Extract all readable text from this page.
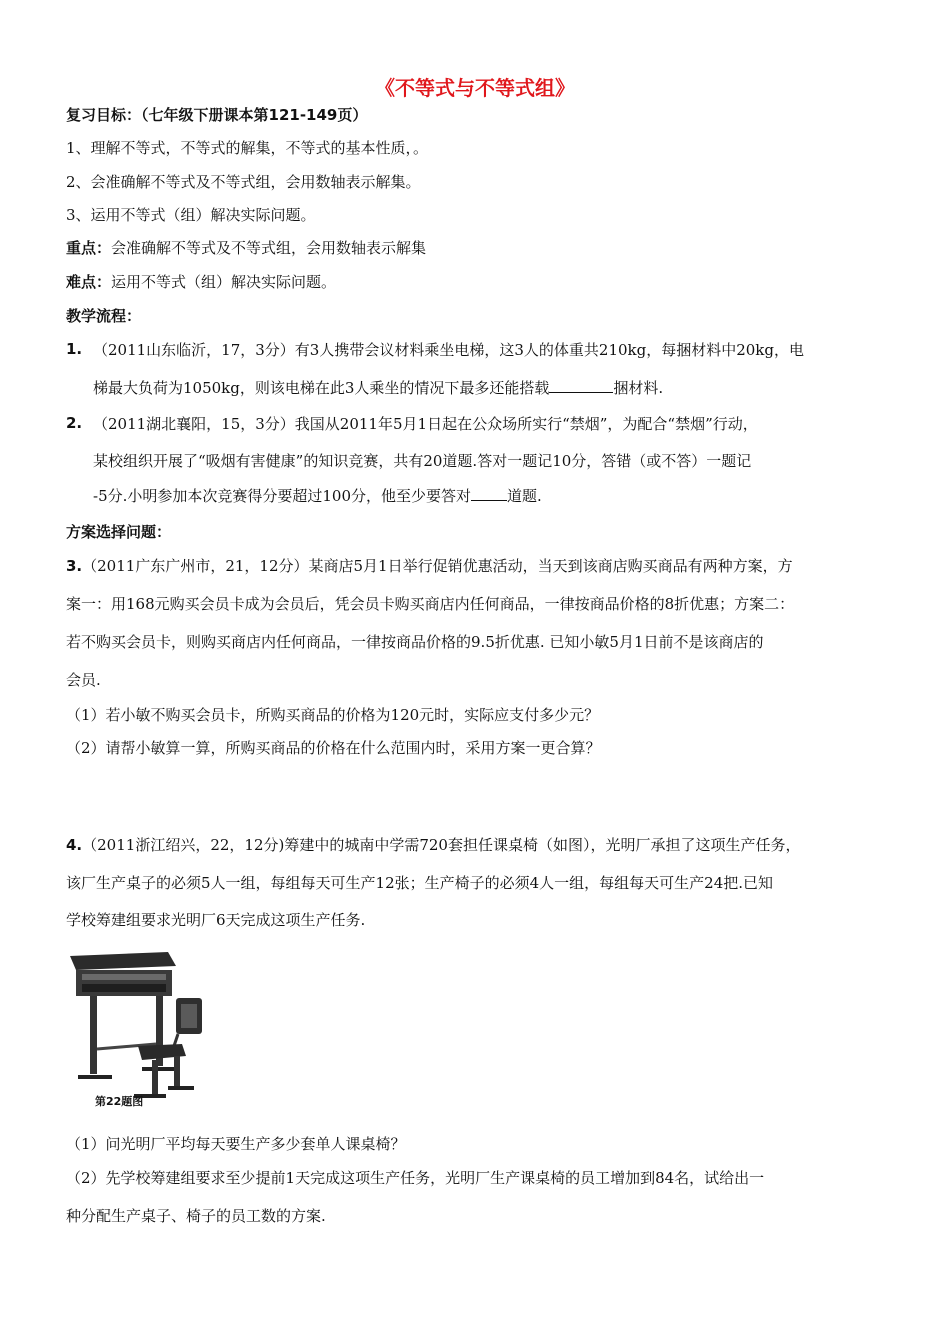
《不等式与不等式组》
复习目标：（七年级下册课本第121-149页）
1、理解不等式，不等式的解集，不等式的基本性质，。
2、会准确解不等式及不等式组，会用数轴表示解集。
3、运用不等式（组）解决实际问题。
重点：会准确解不等式及不等式组，会用数轴表示解集
难点：运用不等式（组）解决实际问题。
教学流程：
1. （2011山东临沂，17，3分）有3人携带会议材料乘坐电梯，这3人的体重共210kg，每捆材料中20kg，电
梯最大负荷为1050kg，则该电梯在此3人乘坐的情况下最多还能搭载	捆材料.
2. （2011湖北襄阳，15，3分）我国从2011年5月1日起在公众场所实行“禁烟”，为配合“禁烟”行动，
某校组织开展了“吸烟有害健康”的知识竞赛，共有20道题.答对一题记10分，答错（或不答）一题记
-5分.小明参加本次竞赛得分要超过100分，他至少要答对 道题.
方案选择问题：
3.（2011广东广州市，21，12分）某商店5月1日举行促销优惠活动，当天到该商店购买商品有两种方案，方
案一：用168元购买会员卡成为会员后，凭会员卡购买商店内任何商品，一律按商品价格的8折优惠；方案二：
若不购买会员卡，则购买商店内任何商品，一律按商品价格的9.5折优惠. 已知小敏5月1日前不是该商店的
会员.
（1）若小敏不购买会员卡，所购买商品的价格为120元时，实际应支付多少元？
（2）请帮小敏算一算，所购买商品的价格在什么范围内时，采用方案一更合算？
4.（2011浙江绍兴，22，12分)筹建中的城南中学需720套担任课桌椅（如图），光明厂承担了这项生产任务，
该厂生产桌子的必须5人一组，每组每天可生产12张；生产椅子的必须4人一组，每组每天可生产24把.已知
学校筹建组要求光明厂6天完成这项生产任务.
第22题图
（1）问光明厂平均每天要生产多少套单人课桌椅？
（2）先学校筹建组要求至少提前1天完成这项生产任务，光明厂生产课桌椅的员工增加到84名，试给出一
种分配生产桌子、椅子的员工数的方案.
